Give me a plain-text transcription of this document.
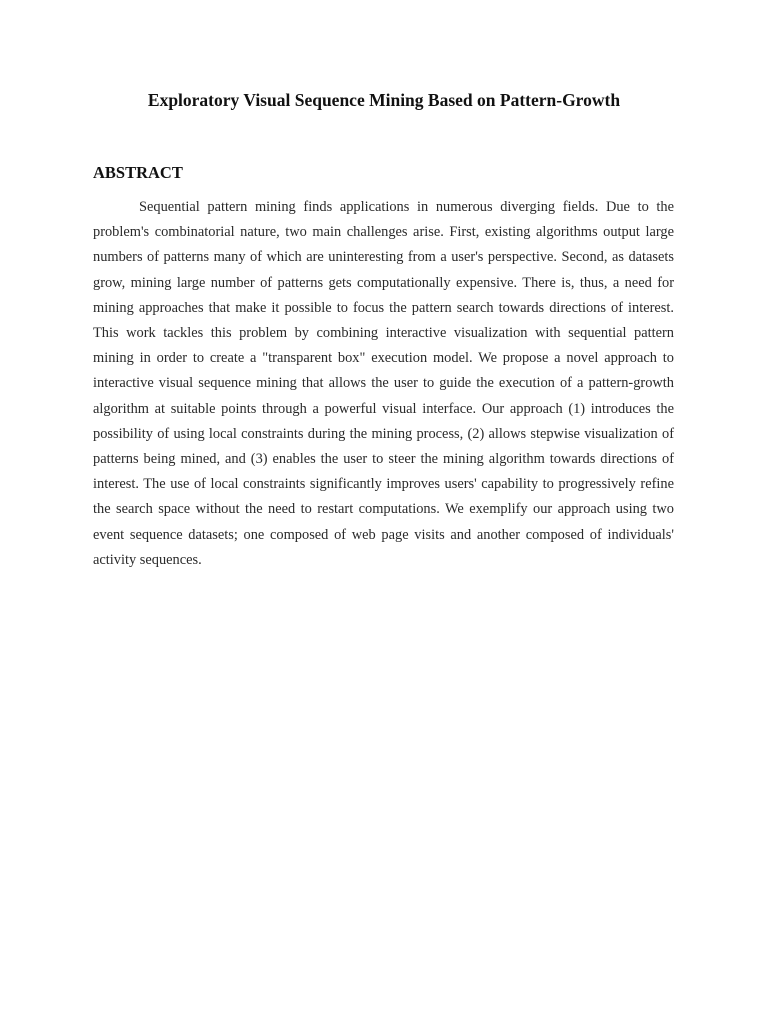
Exploratory Visual Sequence Mining Based on Pattern-Growth
ABSTRACT

Sequential pattern mining finds applications in numerous diverging fields. Due to the problem's combinatorial nature, two main challenges arise. First, existing algorithms output large numbers of patterns many of which are uninteresting from a user's perspective. Second, as datasets grow, mining large number of patterns gets computationally expensive. There is, thus, a need for mining approaches that make it possible to focus the pattern search towards directions of interest. This work tackles this problem by combining interactive visualization with sequential pattern mining in order to create a "transparent box" execution model. We propose a novel approach to interactive visual sequence mining that allows the user to guide the execution of a pattern-growth algorithm at suitable points through a powerful visual interface. Our approach (1) introduces the possibility of using local constraints during the mining process, (2) allows stepwise visualization of patterns being mined, and (3) enables the user to steer the mining algorithm towards directions of interest. The use of local constraints significantly improves users' capability to progressively refine the search space without the need to restart computations. We exemplify our approach using two event sequence datasets; one composed of web page visits and another composed of individuals' activity sequences.
